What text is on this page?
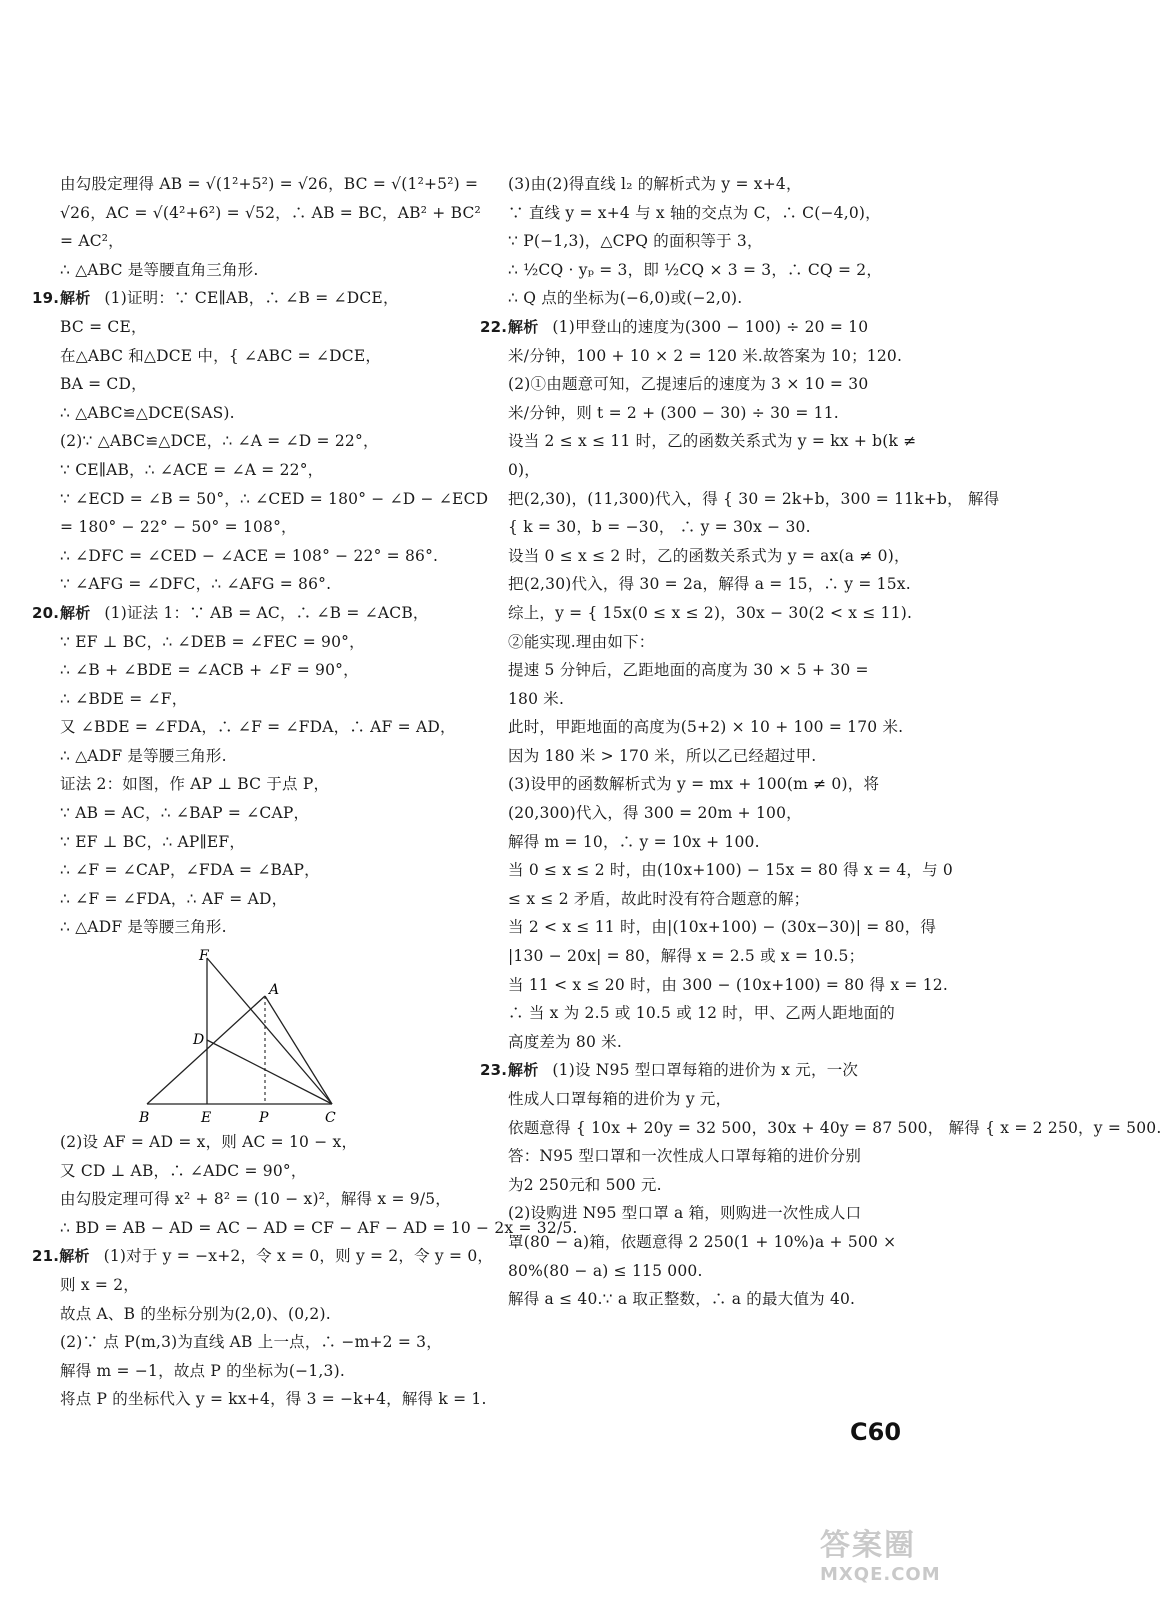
由勾股定理得 AB = √(1²+5²) = √26，BC = √(1²+5²) =
√26，AC = √(4²+6²) = √52，∴ AB = BC，AB² + BC²
= AC²，
∴ △ABC 是等腰直角三角形.
19. 解析 (1)证明：∵ CE∥AB，∴ ∠B = ∠DCE，
BC = CE，
在△ABC 和△DCE 中，{ ∠ABC = ∠DCE，
BA = CD，
∴ △ABC≌△DCE(SAS).
(2)∵ △ABC≌△DCE，∴ ∠A = ∠D = 22°，
∵ CE∥AB，∴ ∠ACE = ∠A = 22°，
∵ ∠ECD = ∠B = 50°，∴ ∠CED = 180° − ∠D − ∠ECD
= 180° − 22° − 50° = 108°，
∴ ∠DFC = ∠CED − ∠ACE = 108° − 22° = 86°.
∵ ∠AFG = ∠DFC，∴ ∠AFG = 86°.
20. 解析 (1)证法 1：∵ AB = AC，∴ ∠B = ∠ACB，
∵ EF ⊥ BC，∴ ∠DEB = ∠FEC = 90°，
∴ ∠B + ∠BDE = ∠ACB + ∠F = 90°，
∴ ∠BDE = ∠F，
又 ∠BDE = ∠FDA，∴ ∠F = ∠FDA，∴ AF = AD，
∴ △ADF 是等腰三角形.
证法 2：如图，作 AP ⊥ BC 于点 P，
∵ AB = AC，∴ ∠BAP = ∠CAP，
∵ EF ⊥ BC，∴ AP∥EF，
∴ ∠F = ∠CAP，∠FDA = ∠BAP，
∴ ∠F = ∠FDA，∴ AF = AD，
∴ △ADF 是等腰三角形.
F
A
D
B	E	P	C
(2)设 AF = AD = x，则 AC = 10 − x，
又 CD ⊥ AB，∴ ∠ADC = 90°，
由勾股定理可得 x² + 8² = (10 − x)²，解得 x = 9/5，
∴ BD = AB − AD = AC − AD = CF − AF − AD = 10 − 2x = 32/5.
21. 解析 (1)对于 y = −x+2，令 x = 0，则 y = 2，令 y = 0，
则 x = 2，
故点 A、B 的坐标分别为(2,0)、(0,2).
(2)∵ 点 P(m,3)为直线 AB 上一点，∴ −m+2 = 3，
解得 m = −1，故点 P 的坐标为(−1,3).
将点 P 的坐标代入 y = kx+4，得 3 = −k+4，解得 k = 1.
(3)由(2)得直线 l₂ 的解析式为 y = x+4，
∵ 直线 y = x+4 与 x 轴的交点为 C，∴ C(−4,0)，
∵ P(−1,3)，△CPQ 的面积等于 3，
∴ ½CQ · yₚ = 3，即 ½CQ × 3 = 3，∴ CQ = 2，
∴ Q 点的坐标为(−6,0)或(−2,0).
22. 解析 (1)甲登山的速度为(300 − 100) ÷ 20 = 10
米/分钟，100 + 10 × 2 = 120 米.故答案为 10；120.
(2)①由题意可知，乙提速后的速度为 3 × 10 = 30
米/分钟，则 t = 2 + (300 − 30) ÷ 30 = 11.
设当 2 ≤ x ≤ 11 时，乙的函数关系式为 y = kx + b(k ≠
0)，
把(2,30)，(11,300)代入，得 { 30 = 2k+b，300 = 11k+b， 解得
{ k = 30，b = −30， ∴ y = 30x − 30.
设当 0 ≤ x ≤ 2 时，乙的函数关系式为 y = ax(a ≠ 0)，
把(2,30)代入，得 30 = 2a，解得 a = 15，∴ y = 15x.
综上，y = { 15x(0 ≤ x ≤ 2)，30x − 30(2 < x ≤ 11).
②能实现.理由如下：
提速 5 分钟后，乙距地面的高度为 30 × 5 + 30 =
180 米.
此时，甲距地面的高度为(5+2) × 10 + 100 = 170 米.
因为 180 米 > 170 米，所以乙已经超过甲.
(3)设甲的函数解析式为 y = mx + 100(m ≠ 0)，将
(20,300)代入，得 300 = 20m + 100，
解得 m = 10，∴ y = 10x + 100.
当 0 ≤ x ≤ 2 时，由(10x+100) − 15x = 80 得 x = 4，与 0
≤ x ≤ 2 矛盾，故此时没有符合题意的解；
当 2 < x ≤ 11 时，由|(10x+100) − (30x−30)| = 80，得
|130 − 20x| = 80，解得 x = 2.5 或 x = 10.5；
当 11 < x ≤ 20 时，由 300 − (10x+100) = 80 得 x = 12.
∴ 当 x 为 2.5 或 10.5 或 12 时，甲、乙两人距地面的
高度差为 80 米.
23. 解析 (1)设 N95 型口罩每箱的进价为 x 元，一次
性成人口罩每箱的进价为 y 元，
依题意得 { 10x + 20y = 32 500，30x + 40y = 87 500， 解得 { x = 2 250，y = 500.
答：N95 型口罩和一次性成人口罩每箱的进价分别
为2 250元和 500 元.
(2)设购进 N95 型口罩 a 箱，则购进一次性成人口
罩(80 − a)箱，依题意得 2 250(1 + 10%)a + 500 ×
80%(80 − a) ≤ 115 000.
解得 a ≤ 40.∵ a 取正整数，∴ a 的最大值为 40.
C60
答案圈
MXQE.COM
